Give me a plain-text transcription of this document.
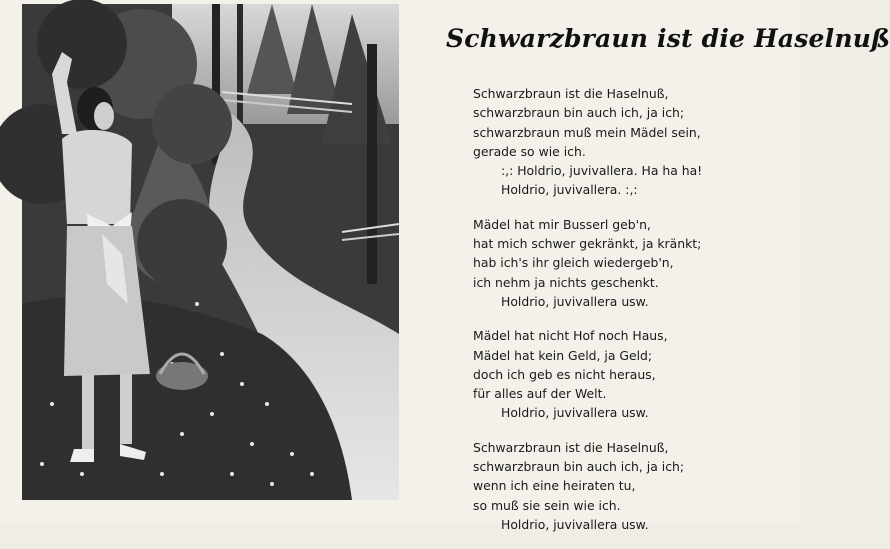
Schwarzbraun ist die Haselnuß
Schwarzbraun ist die Haselnuß,
schwarzbraun bin auch ich, ja ich;
schwarzbraun muß mein Mädel sein,
gerade so wie ich.
:,: Holdrio, juvivallera. Ha ha ha!
Holdrio, juvivallera. :,:
Mädel hat mir Busserl geb'n,
hat mich schwer gekränkt, ja kränkt;
hab ich's ihr gleich wiedergeb'n,
ich nehm ja nichts geschenkt.
Holdrio, juvivallera usw.
Mädel hat nicht Hof noch Haus,
Mädel hat kein Geld, ja Geld;
doch ich geb es nicht heraus,
für alles auf der Welt.
Holdrio, juvivallera usw.
Schwarzbraun ist die Haselnuß,
schwarzbraun bin auch ich, ja ich;
wenn ich eine heiraten tu,
so muß sie sein wie ich.
Holdrio, juvivallera usw.
